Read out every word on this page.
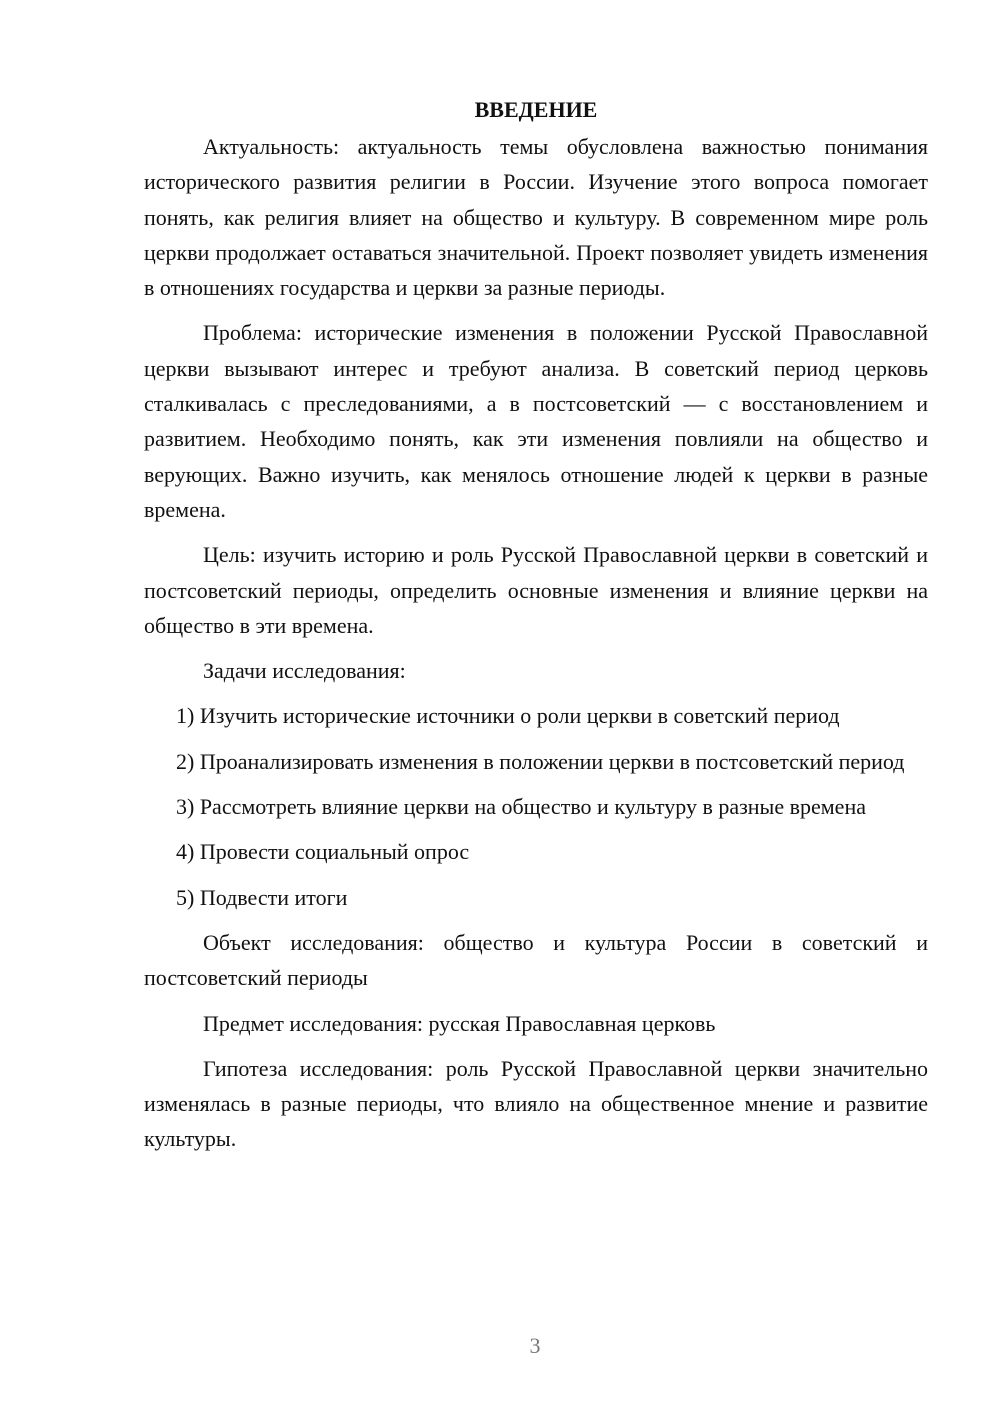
ВВЕДЕНИЕ

Актуальность: актуальность темы обусловлена важностью понимания исторического развития религии в России. Изучение этого вопроса помогает понять, как религия влияет на общество и культуру. В современном мире роль церкви продолжает оставаться значительной. Проект позволяет увидеть изменения в отношениях государства и церкви за разные периоды.

Проблема: исторические изменения в положении Русской Православной церкви вызывают интерес и требуют анализа. В советский период церковь сталкивалась с преследованиями, а в постсоветский — с восстановлением и развитием. Необходимо понять, как эти изменения повлияли на общество и верующих. Важно изучить, как менялось отношение людей к церкви в разные времена.

Цель: изучить историю и роль Русской Православной церкви в советский и постсоветский периоды, определить основные изменения и влияние церкви на общество в эти времена.

Задачи исследования:

1) Изучить исторические источники о роли церкви в советский период

2) Проанализировать изменения в положении церкви в постсоветский период

3) Рассмотреть влияние церкви на общество и культуру в разные времена

4) Провести социальный опрос

5) Подвести итоги

Объект исследования: общество и культура России в советский и постсоветский периоды

Предмет исследования: русская Православная церковь

Гипотеза исследования: роль Русской Православной церкви значительно изменялась в разные периоды, что влияло на общественное мнение и развитие культуры.

3
